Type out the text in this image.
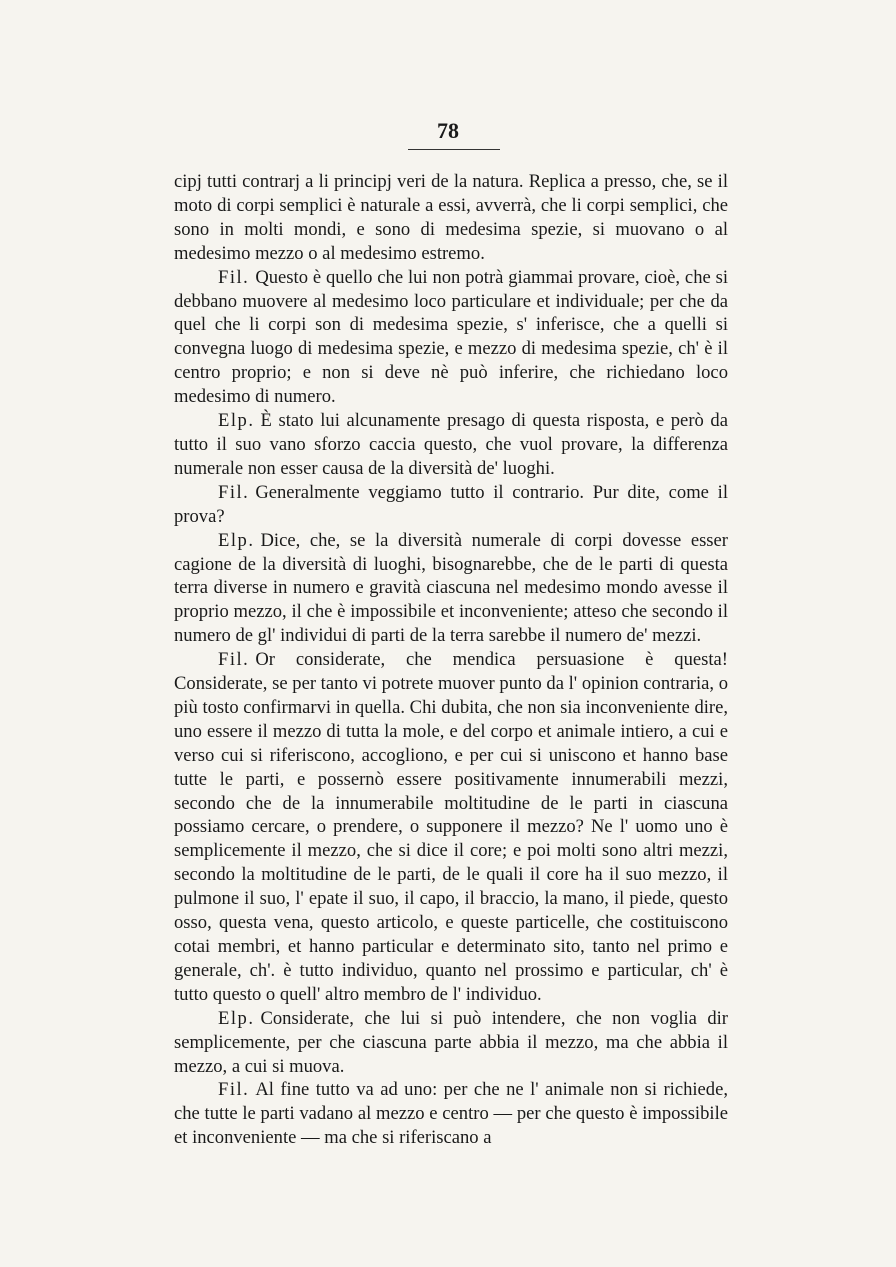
78

cipj tutti contrarj a li principj veri de la natura. Replica a presso, che, se il moto di corpi semplici è naturale a essi, avverrà, che li corpi semplici, che sono in molti mondi, e sono di medesima spezie, si muovano o al medesimo mezzo o al medesimo estremo.

Fil. Questo è quello che lui non potrà giammai provare, cioè, che si debbano muovere al medesimo loco particulare et individuale; per che da quel che li corpi son di medesima spezie, s' inferisce, che a quelli si convegna luogo di medesima spezie, e mezzo di medesima spezie, ch' è il centro proprio; e non si deve nè può inferire, che richiedano loco medesimo di numero.

Elp. È stato lui alcunamente presago di questa risposta, e però da tutto il suo vano sforzo caccia questo, che vuol provare, la differenza numerale non esser causa de la diversità de' luoghi.

Fil. Generalmente veggiamo tutto il contrario. Pur dite, come il prova?

Elp. Dice, che, se la diversità numerale di corpi dovesse esser cagione de la diversità di luoghi, bisognarebbe, che de le parti di questa terra diverse in numero e gravità ciascuna nel medesimo mondo avesse il proprio mezzo, il che è impossibile et inconveniente; atteso che secondo il numero de gl' individui di parti de la terra sarebbe il numero de' mezzi.

Fil. Or considerate, che mendica persuasione è questa! Considerate, se per tanto vi potrete muover punto da l' opinion contraria, o più tosto confirmarvi in quella. Chi dubita, che non sia inconveniente dire, uno essere il mezzo di tutta la mole, e del corpo et animale intiero, a cui e verso cui si riferiscono, accogliono, e per cui si uniscono et hanno base tutte le parti, e possernò essere positivamente innumerabili mezzi, secondo che de la innumerabile moltitudine de le parti in ciascuna possiamo cercare, o prendere, o supponere il mezzo? Ne l' uomo uno è semplicemente il mezzo, che si dice il core; e poi molti sono altri mezzi, secondo la moltitudine de le parti, de le quali il core ha il suo mezzo, il pulmone il suo, l' epate il suo, il capo, il braccio, la mano, il piede, questo osso, questa vena, questo articolo, e queste particelle, che costituiscono cotai membri, et hanno particular e determinato sito, tanto nel primo e generale, ch'. è tutto individuo, quanto nel prossimo e particular, ch' è tutto questo o quell' altro membro de l' individuo.

Elp. Considerate, che lui si può intendere, che non voglia dir semplicemente, per che ciascuna parte abbia il mezzo, ma che abbia il mezzo, a cui si muova.

Fil. Al fine tutto va ad uno: per che ne l' animale non si richiede, che tutte le parti vadano al mezzo e centro — per che questo è impossibile et inconveniente — ma che si riferiscano a
